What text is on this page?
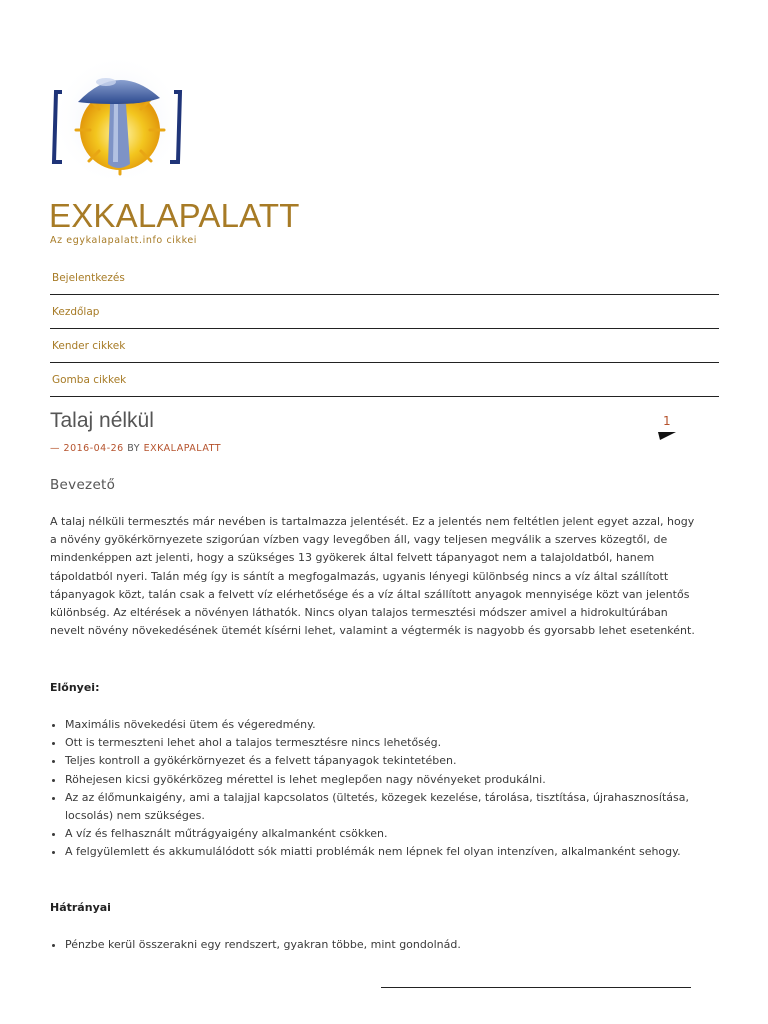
EXKALAPALATT
Az egykalapalatt.info cikkei
Bejelentkezés
Kezdőlap
Kender cikkek
Gomba cikkek
Talaj nélkül
— 2016-04-26 BY EXKALAPALATT
1
Bevezető

A talaj nélküli termesztés már nevében is tartalmazza jelentését. Ez a jelentés nem feltétlen jelent egyet azzal, hogy a növény gyökérkörnyezete szigorúan vízben vagy levegőben áll, vagy teljesen megválik a szerves közegtől, de mindenképpen azt jelenti, hogy a szükséges 13 gyökerek által felvett tápanyagot nem a talajoldatból, hanem tápoldatból nyeri. Talán még így is sántít a megfogalmazás, ugyanis lényegi különbség nincs a víz által szállított tápanyagok közt, talán csak a felvett víz elérhetősége és a víz által szállított anyagok mennyisége közt van jelentős különbség. Az eltérések a növényen láthatók. Nincs olyan talajos termesztési módszer amivel a hidrokultúrában nevelt növény növekedésének ütemét kísérni lehet, valamint a végtermék is nagyobb és gyorsabb lehet esetenként.

Előnyei:
• Maximális növekedési ütem és végeredmény.
• Ott is termeszteni lehet ahol a talajos termesztésre nincs lehetőség.
• Teljes kontroll a gyökérkörnyezet és a felvett tápanyagok tekintetében.
• Röhejesen kicsi gyökérközeg mérettel is lehet meglepően nagy növényeket produkálni.
• Az az élőmunkaigény, ami a talajjal kapcsolatos (ültetés, közegek kezelése, tárolása, tisztítása, újrahasznosítása, locsolás) nem szükséges.
• A víz és felhasznált műtrágyaigény alkalmanként csökken.
• A felgyülemlett és akkumulálódott sók miatti problémák nem lépnek fel olyan intenzíven, alkalmanként sehogy.
Hátrányai
• Pénzbe kerül összerakni egy rendszert, gyakran többe, mint gondolnád.
